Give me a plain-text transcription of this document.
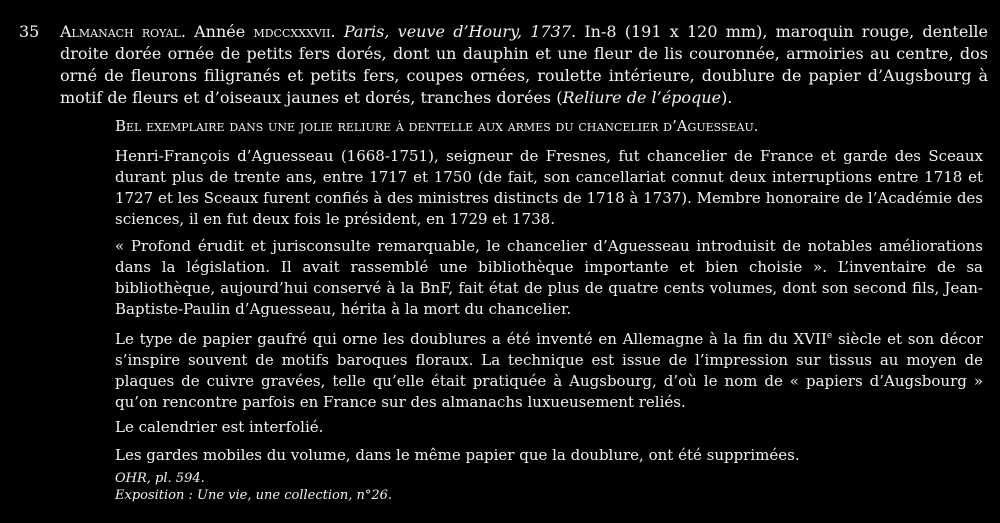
35 Almanach royal. Année mdccxxxvii. Paris, veuve d’Houry, 1737. In-8 (191 x 120 mm), maroquin rouge, dentelle droite dorée ornée de petits fers dorés, dont un dauphin et une fleur de lis couronnée, armoiries au centre, dos orné de fleurons filigranés et petits fers, coupes ornées, roulette intérieure, doublure de papier d’Augsbourg à motif de fleurs et d’oiseaux jaunes et dorés, tranches dorées (Reliure de l’époque).
Bel exemplaire dans une jolie reliure à dentelle aux armes du chancelier d’Aguesseau.
Henri-François d’Aguesseau (1668-1751), seigneur de Fresnes, fut chancelier de France et garde des Sceaux durant plus de trente ans, entre 1717 et 1750 (de fait, son cancellariat connut deux interruptions entre 1718 et 1727 et les Sceaux furent confiés à des ministres distincts de 1718 à 1737). Membre honoraire de l’Académie des sciences, il en fut deux fois le président, en 1729 et 1738.
« Profond érudit et jurisconsulte remarquable, le chancelier d’Aguesseau introduisit de notables améliorations dans la législation. Il avait rassemblé une bibliothèque importante et bien choisie ». L’inventaire de sa bibliothèque, aujourd’hui conservé à la BnF, fait état de plus de quatre cents volumes, dont son second fils, Jean-Baptiste-Paulin d’Aguesseau, hérita à la mort du chancelier.
Le type de papier gaufré qui orne les doublures a été inventé en Allemagne à la fin du XVIIe siècle et son décor s’inspire souvent de motifs baroques floraux. La technique est issue de l’impression sur tissus au moyen de plaques de cuivre gravées, telle qu’elle était pratiquée à Augsbourg, d’où le nom de « papiers d’Augsbourg » qu’on rencontre parfois en France sur des almanachs luxueusement reliés.
Le calendrier est interfolié.
Les gardes mobiles du volume, dans le même papier que la doublure, ont été supprimées.
OHR, pl. 594.
Exposition : Une vie, une collection, n°26.
